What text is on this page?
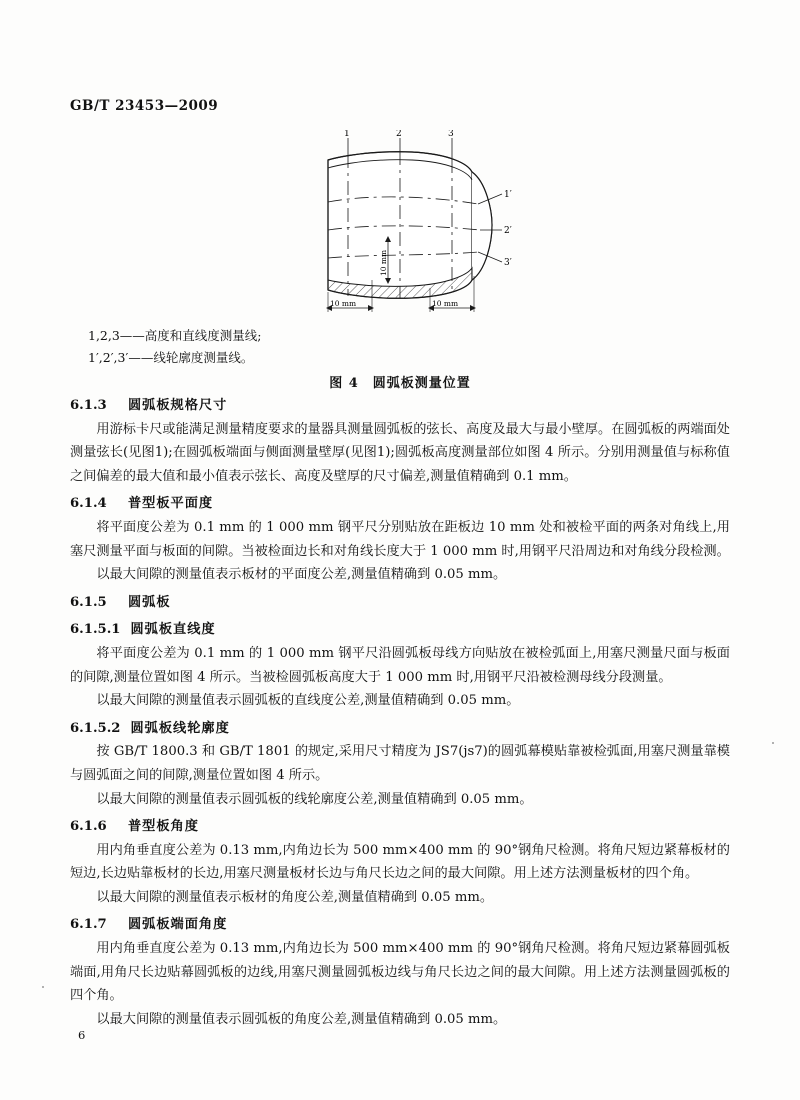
GB/T 23453—2009
1	2	3
1′
2′
3′
10 mm
10 mm	10 mm
1,2,3——高度和直线度测量线;
1′,2′,3′——线轮廓度测量线。
图 4　圆弧板测量位置
6.1.3 圆弧板规格尺寸

用游标卡尺或能满足测量精度要求的量器具测量圆弧板的弦长、高度及最大与最小壁厚。在圆弧板的两端面处测量弦长(见图1);在圆弧板端面与侧面测量壁厚(见图1);圆弧板高度测量部位如图 4 所示。分别用测量值与标称值之间偏差的最大值和最小值表示弦长、高度及壁厚的尺寸偏差,测量值精确到 0.1 mm。

6.1.4 普型板平面度

将平面度公差为 0.1 mm 的 1 000 mm 钢平尺分别贴放在距板边 10 mm 处和被检平面的两条对角线上,用塞尺测量平面与板面的间隙。当被检面边长和对角线长度大于 1 000 mm 时,用钢平尺沿周边和对角线分段检测。

以最大间隙的测量值表示板材的平面度公差,测量值精确到 0.05 mm。

6.1.5 圆弧板
6.1.5.1 圆弧板直线度

将平面度公差为 0.1 mm 的 1 000 mm 钢平尺沿圆弧板母线方向贴放在被检弧面上,用塞尺测量尺面与板面的间隙,测量位置如图 4 所示。当被检圆弧板高度大于 1 000 mm 时,用钢平尺沿被检测母线分段测量。

以最大间隙的测量值表示圆弧板的直线度公差,测量值精确到 0.05 mm。

6.1.5.2 圆弧板线轮廓度

按 GB/T 1800.3 和 GB/T 1801 的规定,采用尺寸精度为 JS7(js7)的圆弧幕模贴靠被检弧面,用塞尺测量靠模与圆弧面之间的间隙,测量位置如图 4 所示。

以最大间隙的测量值表示圆弧板的线轮廓度公差,测量值精确到 0.05 mm。

6.1.6 普型板角度

用内角垂直度公差为 0.13 mm,内角边长为 500 mm×400 mm 的 90°钢角尺检测。将角尺短边紧幕板材的短边,长边贴靠板材的长边,用塞尺测量板材长边与角尺长边之间的最大间隙。用上述方法测量板材的四个角。

以最大间隙的测量值表示板材的角度公差,测量值精确到 0.05 mm。

6.1.7 圆弧板端面角度

用内角垂直度公差为 0.13 mm,内角边长为 500 mm×400 mm 的 90°钢角尺检测。将角尺短边紧幕圆弧板端面,用角尺长边贴幕圆弧板的边线,用塞尺测量圆弧板边线与角尺长边之间的最大间隙。用上述方法测量圆弧板的四个角。

以最大间隙的测量值表示圆弧板的角度公差,测量值精确到 0.05 mm。

6
